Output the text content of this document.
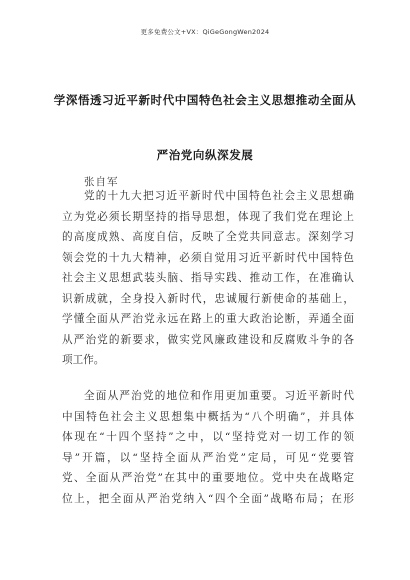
更多免费公文+VX：QiGeGongWen2024
学深悟透习近平新时代中国特色社会主义思想推动全面从
严治党向纵深发展
张自军
党的十九大把习近平新时代中国特色社会主义思想确
立为党必须长期坚持的指导思想，体现了我们党在理论上
的高度成熟、高度自信，反映了全党共同意志。深刻学习
领会党的十九大精神，必须自觉用习近平新时代中国特色
社会主义思想武装头脑、指导实践、推动工作，在准确认
识新成就，全身投入新时代，忠诚履行新使命的基础上，
学懂全面从严治党永远在路上的重大政治论断，弄通全面
从严治党的新要求，做实党风廉政建设和反腐败斗争的各
项工作。
全面从严治党的地位和作用更加重要。习近平新时代
中国特色社会主义思想集中概括为“八个明确”，并具体
体现在“十四个坚持”之中，以“坚持党对一切工作的领
导”开篇，以“坚持全面从严治党”定局，可见“党要管
党、全面从严治党”在其中的重要地位。党中央在战略定
位上，把全面从严治党纳入“四个全面”战略布局；在形
